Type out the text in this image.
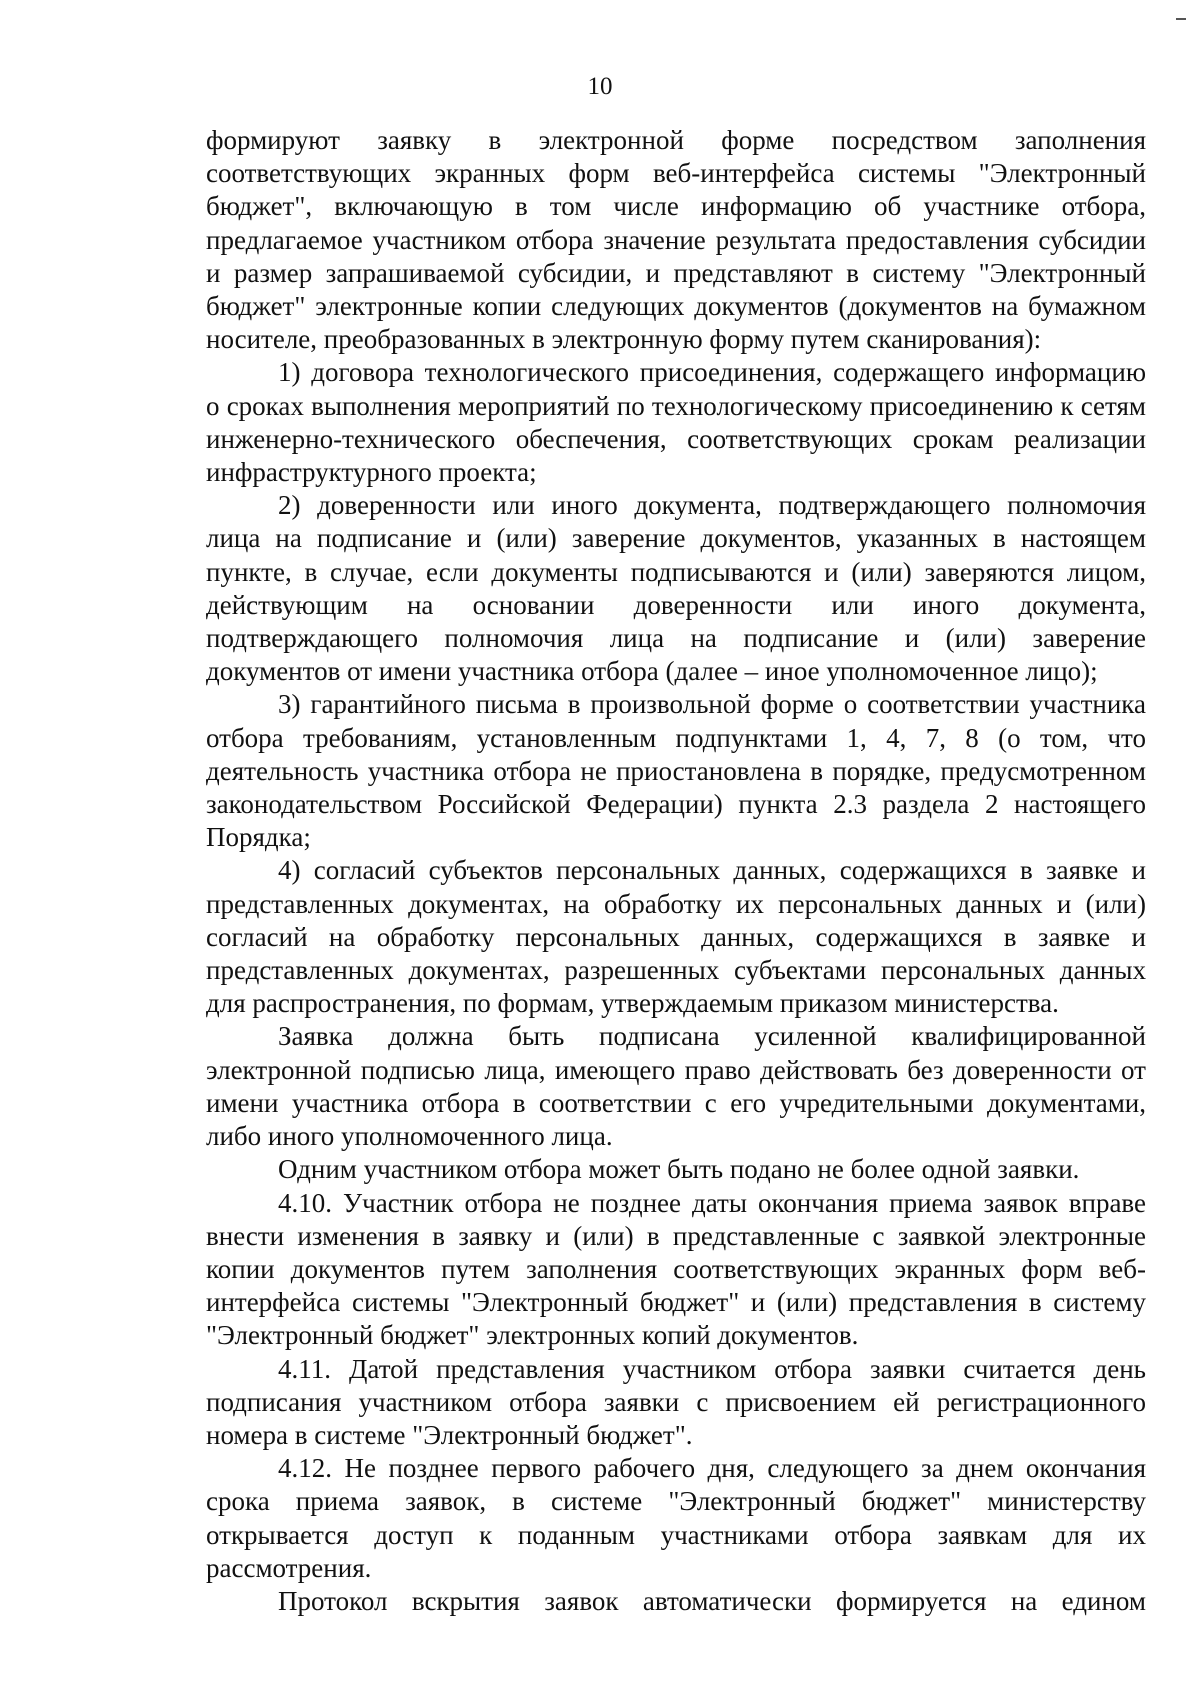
10

формируют заявку в электронной форме посредством заполнения соответствующих экранных форм веб-интерфейса системы "Электронный бюджет", включающую в том числе информацию об участнике отбора, предлагаемое участником отбора значение результата предоставления субсидии и размер запрашиваемой субсидии, и представляют в систему "Электронный бюджет" электронные копии следующих документов (документов на бумажном носителе, преобразованных в электронную форму путем сканирования):

1) договора технологического присоединения, содержащего информацию о сроках выполнения мероприятий по технологическому присоединению к сетям инженерно-технического обеспечения, соответствующих срокам реализации инфраструктурного проекта;

2) доверенности или иного документа, подтверждающего полномочия лица на подписание и (или) заверение документов, указанных в настоящем пункте, в случае, если документы подписываются и (или) заверяются лицом, действующим на основании доверенности или иного документа, подтверждающего полномочия лица на подписание и (или) заверение документов от имени участника отбора (далее – иное уполномоченное лицо);

3) гарантийного письма в произвольной форме о соответствии участника отбора требованиям, установленным подпунктами 1, 4, 7, 8 (о том, что деятельность участника отбора не приостановлена в порядке, предусмотренном законодательством Российской Федерации) пункта 2.3 раздела 2 настоящего Порядка;

4) согласий субъектов персональных данных, содержащихся в заявке и представленных документах, на обработку их персональных данных и (или) согласий на обработку персональных данных, содержащихся в заявке и представленных документах, разрешенных субъектами персональных данных для распространения, по формам, утверждаемым приказом министерства.

Заявка должна быть подписана усиленной квалифицированной электронной подписью лица, имеющего право действовать без доверенности от имени участника отбора в соответствии с его учредительными документами, либо иного уполномоченного лица.

Одним участником отбора может быть подано не более одной заявки.

4.10. Участник отбора не позднее даты окончания приема заявок вправе внести изменения в заявку и (или) в представленные с заявкой электронные копии документов путем заполнения соответствующих экранных форм веб-интерфейса системы "Электронный бюджет" и (или) представления в систему "Электронный бюджет" электронных копий документов.

4.11. Датой представления участником отбора заявки считается день подписания участником отбора заявки с присвоением ей регистрационного номера в системе "Электронный бюджет".

4.12. Не позднее первого рабочего дня, следующего за днем окончания срока приема заявок, в системе "Электронный бюджет" министерству открывается доступ к поданным участниками отбора заявкам для их рассмотрения.

Протокол вскрытия заявок автоматически формируется на едином
